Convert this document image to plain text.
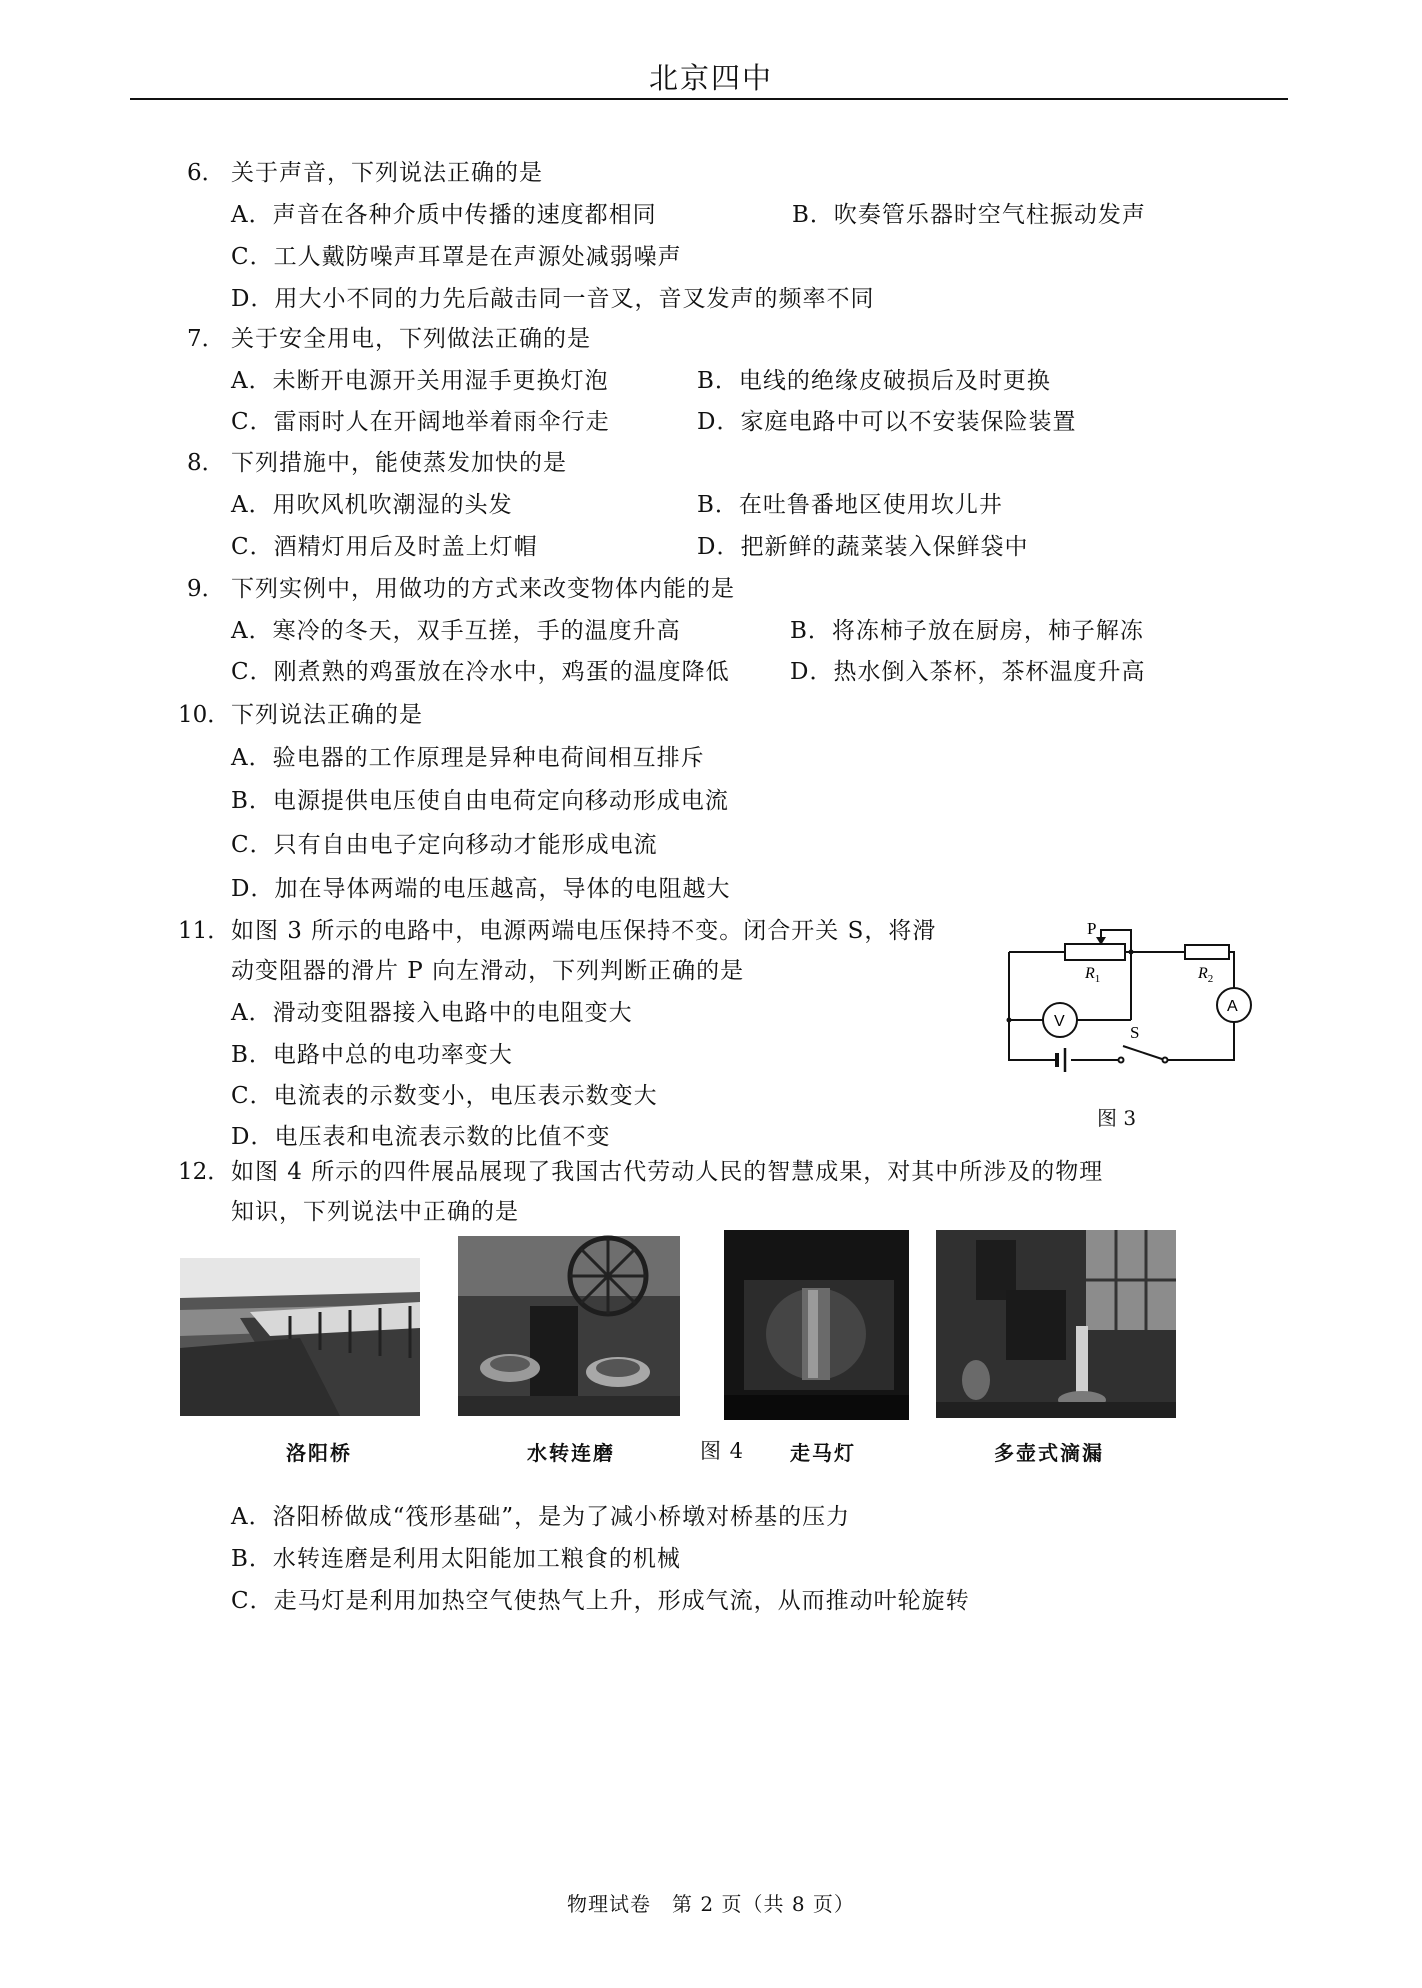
北京四中
6． 关于声音，下列说法正确的是
A．声音在各种介质中传播的速度都相同	B．吹奏管乐器时空气柱振动发声
C．工人戴防噪声耳罩是在声源处减弱噪声
D．用大小不同的力先后敲击同一音叉，音叉发声的频率不同
7． 关于安全用电，下列做法正确的是
A．未断开电源开关用湿手更换灯泡	B．电线的绝缘皮破损后及时更换
C．雷雨时人在开阔地举着雨伞行走	D．家庭电路中可以不安装保险装置
8． 下列措施中，能使蒸发加快的是
A．用吹风机吹潮湿的头发	B．在吐鲁番地区使用坎儿井
C．酒精灯用后及时盖上灯帽	D．把新鲜的蔬菜装入保鲜袋中
9． 下列实例中，用做功的方式来改变物体内能的是
A．寒冷的冬天，双手互搓，手的温度升高	B．将冻柿子放在厨房，柿子解冻
C．刚煮熟的鸡蛋放在冷水中，鸡蛋的温度降低	D．热水倒入茶杯，茶杯温度升高
10． 下列说法正确的是
A．验电器的工作原理是异种电荷间相互排斥
B．电源提供电压使自由电荷定向移动形成电流
C．只有自由电子定向移动才能形成电流
D．加在导体两端的电压越高，导体的电阻越大
11． 如图 3 所示的电路中，电源两端电压保持不变。闭合开关 S，将滑
动变阻器的滑片 P 向左滑动，下列判断正确的是
A．滑动变阻器接入电路中的电阻变大
B．电路中总的电功率变大
C．电流表的示数变小，电压表示数变大
D．电压表和电流表示数的比值不变
P
$R_1$	$R_2$
V
A
S
图 3
12． 如图 4 所示的四件展品展现了我国古代劳动人民的智慧成果，对其中所涉及的物理
知识，下列说法中正确的是
洛阳桥	水转连磨	图 4 走马灯	多壶式滴漏
A．洛阳桥做成“筏形基础”，是为了减小桥墩对桥基的压力
B．水转连磨是利用太阳能加工粮食的机械
C．走马灯是利用加热空气使热气上升，形成气流，从而推动叶轮旋转
物理试卷　第 2 页（共 8 页）
